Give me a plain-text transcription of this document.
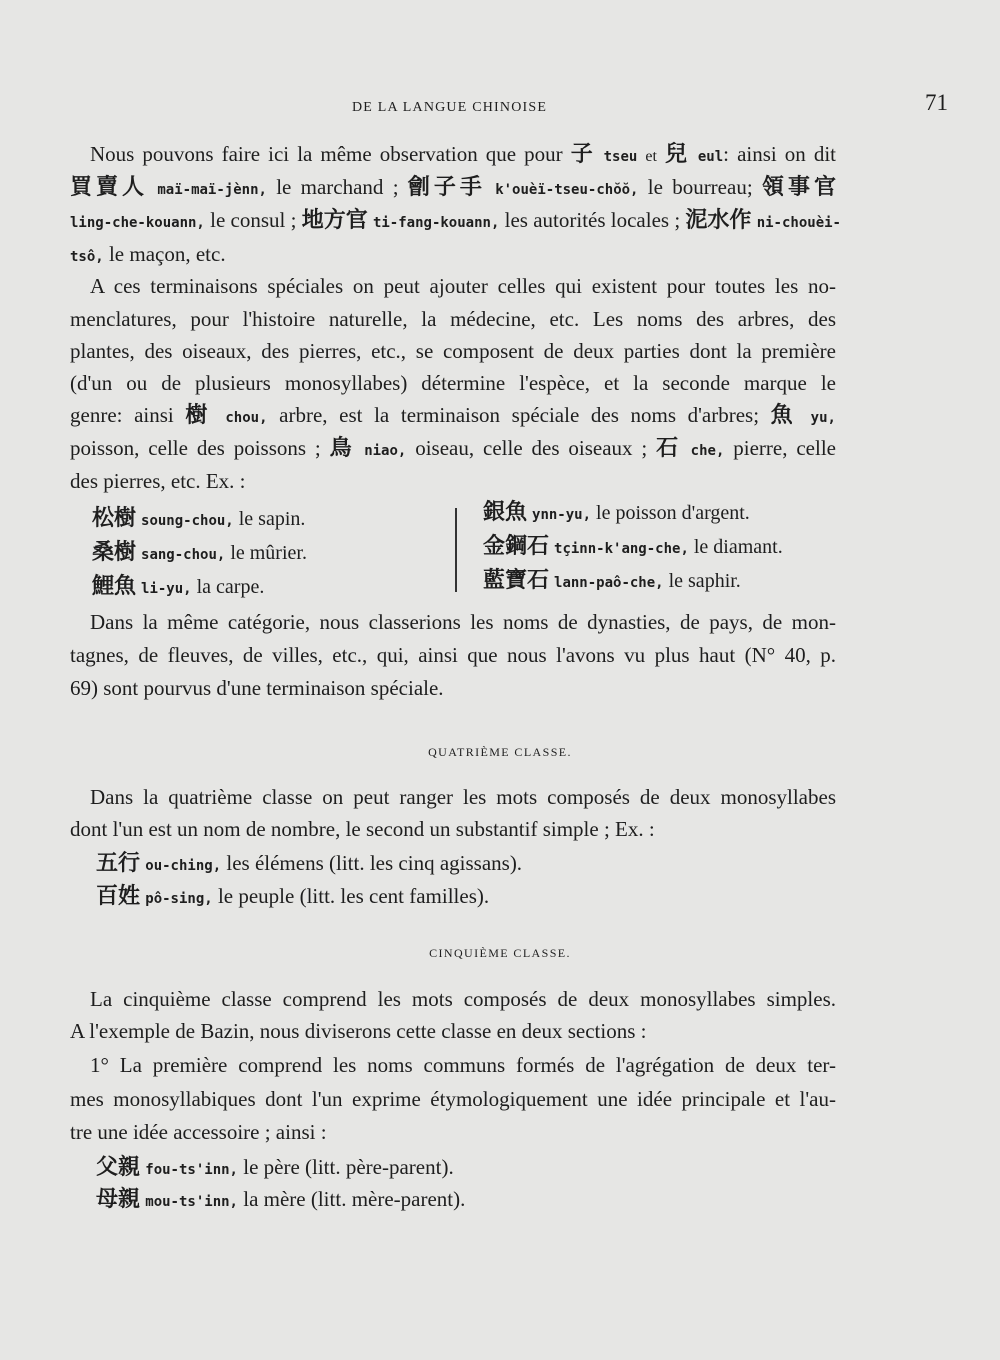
DE LA LANGUE CHINOISE	71
Nous pouvons faire ici la même observation que pour 子 tseu et 兒 eul: ainsi on dit
買賣人 maï-maï-jènn, le marchand ; 劊子手 k'ouèï-tseu-chŏŏ, le bourreau; 領事官
ling-che-kouann, le consul ; 地方官 ti-fang-kouann, les autorités locales ; 泥水作 ni-chouèi-
tsô, le maçon, etc.
A ces terminaisons spéciales on peut ajouter celles qui existent pour toutes les no-
menclatures, pour l'histoire naturelle, la médecine, etc. Les noms des arbres, des
plantes, des oiseaux, des pierres, etc., se composent de deux parties dont la première
(d'un ou de plusieurs monosyllabes) détermine l'espèce, et la seconde marque le
genre: ainsi 樹 chou, arbre, est la terminaison spéciale des noms d'arbres; 魚 yu,
poisson, celle des poissons ; 鳥 niao, oiseau, celle des oiseaux ; 石 che, pierre, celle
des pierres, etc. Ex. :
松樹 soung-chou, le sapin.
桑樹 sang-chou, le mûrier.
鯉魚 li-yu, la carpe.
銀魚 ynn-yu, le poisson d'argent.
金鋼石 tçinn-k'ang-che, le diamant.
藍寶石 lann-paô-che, le saphir.
Dans la même catégorie, nous classerions les noms de dynasties, de pays, de mon-
tagnes, de fleuves, de villes, etc., qui, ainsi que nous l'avons vu plus haut (N° 40, p.
69) sont pourvus d'une terminaison spéciale.
QUATRIÈME CLASSE.
Dans la quatrième classe on peut ranger les mots composés de deux monosyllabes
dont l'un est un nom de nombre, le second un substantif simple ; Ex. :
五行 ou-ching, les élémens (litt. les cinq agissans).
百姓 pô-sing, le peuple (litt. les cent familles).
CINQUIÈME CLASSE.
La cinquième classe comprend les mots composés de deux monosyllabes simples.
A l'exemple de Bazin, nous diviserons cette classe en deux sections :
1° La première comprend les noms communs formés de l'agrégation de deux ter-
mes monosyllabiques dont l'un exprime étymologiquement une idée principale et l'au-
tre une idée accessoire ; ainsi :
父親 fou-ts'inn, le père (litt. père-parent).
母親 mou-ts'inn, la mère (litt. mère-parent).
